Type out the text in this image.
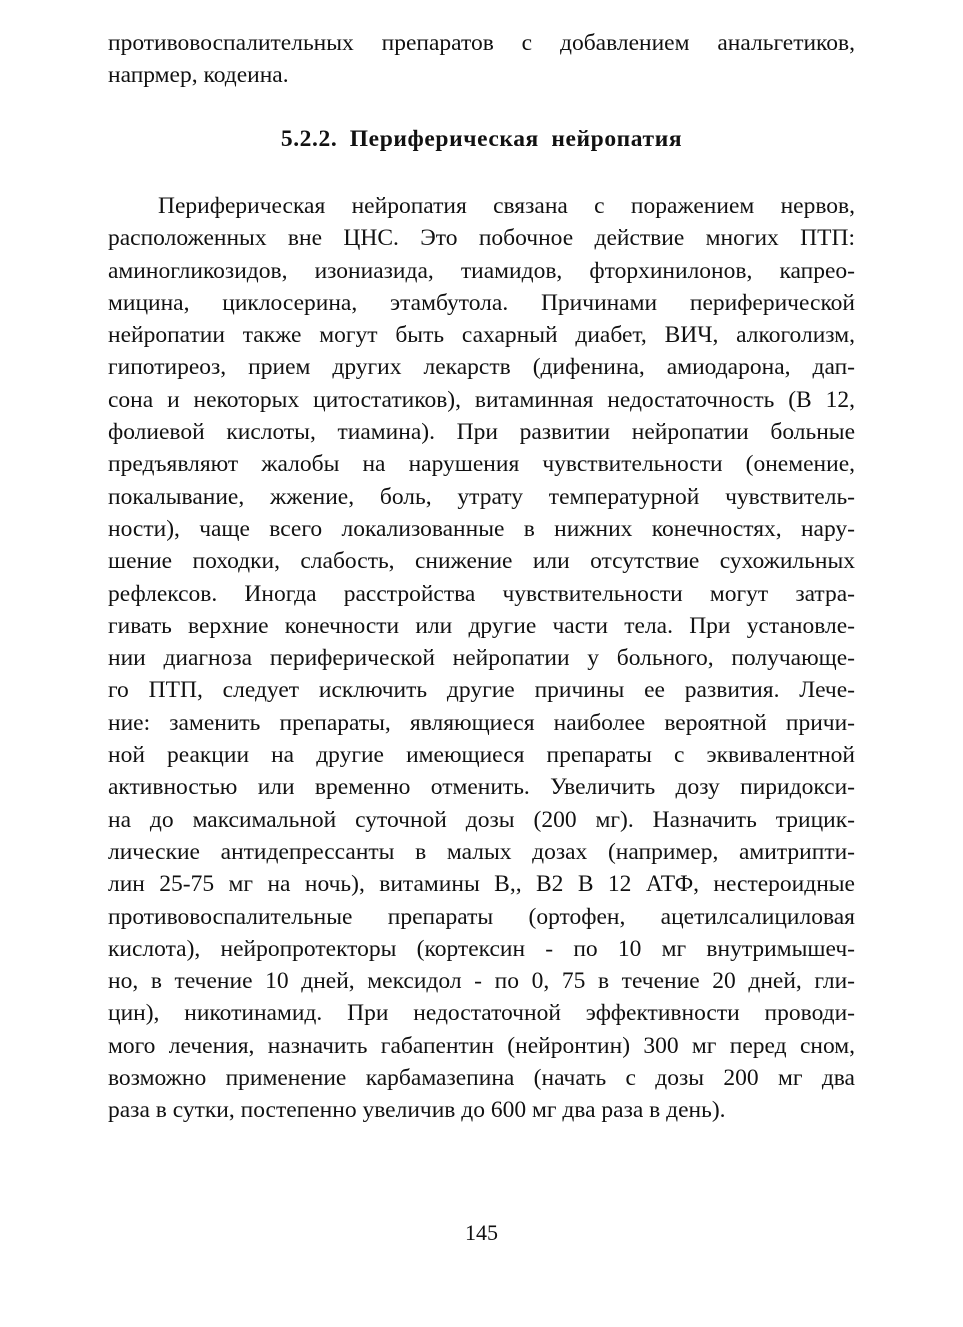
противовоспалительных препаратов с добавлением анальгетиков,
напрмер, кодеина.
5.2.2. Периферическая нейропатия
Периферическая нейропатия связана с поражением нервов,
расположенных вне ЦНС. Это побочное действие многих ПТП:
аминогликозидов, изониазида, тиамидов, фторхинилонов, капрео-
мицина, циклосерина, этамбутола. Причинами периферической
нейропатии также могут быть сахарный диабет, ВИЧ, алкоголизм,
гипотиреоз, прием других лекарств (дифенина, амиодарона, дап-
сона и некоторых цитостатиков), витаминная недостаточность (В 12,
фолиевой кислоты, тиамина). При развитии нейропатии больные
предъявляют жалобы на нарушения чувствительности (онемение,
покалывание, жжение, боль, утрату температурной чувствитель-
ности), чаще всего локализованные в нижних конечностях, нару-
шение походки, слабость, снижение или отсутствие сухожильных
рефлексов. Иногда расстройства чувствительности могут затра-
гивать верхние конечности или другие части тела. При установле-
нии диагноза периферической нейропатии у больного, получающе-
го ПТП, следует исключить другие причины ее развития. Лече-
ние: заменить препараты, являющиеся наиболее вероятной причи-
ной реакции на другие имеющиеся препараты с эквивалентной
активностью или временно отменить. Увеличить дозу пиридокси-
на до максимальной суточной дозы (200 мг). Назначить трицик-
лические антидепрессанты в малых дозах (например, амитрипти-
лин 25-75 мг на ночь), витамины В,, В2 В 12 АТФ, нестероидные
противовоспалительные препараты (ортофен, ацетилсалициловая
кислота), нейропротекторы (кортексин - по 10 мг внутримышеч-
но, в течение 10 дней, мексидол - по 0, 75 в течение 20 дней, гли-
цин), никотинамид. При недостаточной эффективности проводи-
мого лечения, назначить габапентин (нейронтин) 300 мг перед сном,
возможно применение карбамазепина (начать с дозы 200 мг два
раза в сутки, постепенно увеличив до 600 мг два раза в день).
145
